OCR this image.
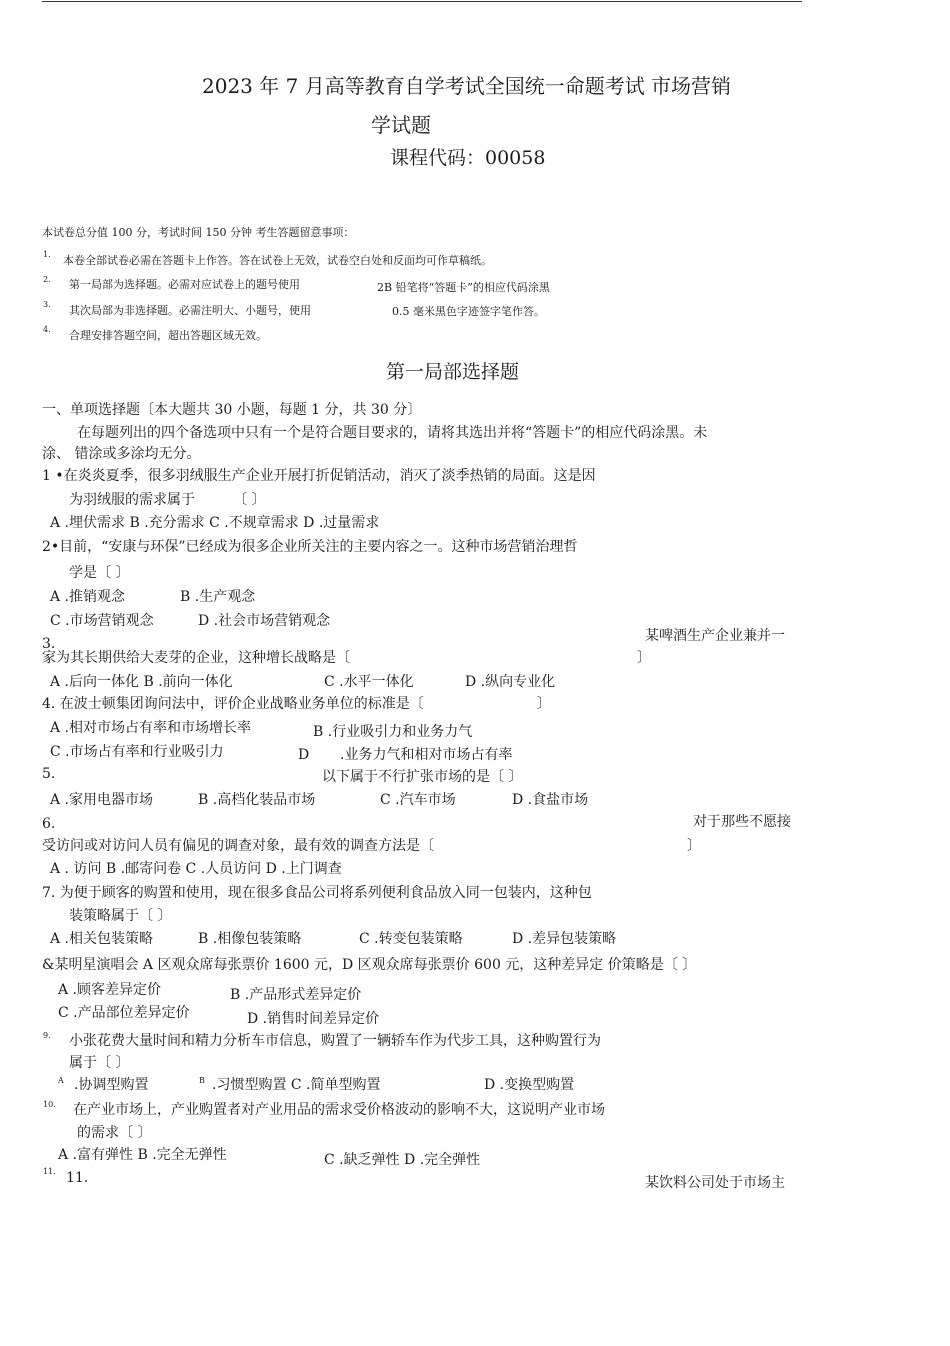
2023 年 7 月高等教育自学考试全国统一命题考试 市场营销
学试题
课程代码：00058
本试卷总分值 100 分，考试时间 150 分钟 考生答题留意事项：
1. 本卷全部试卷必需在答题卡上作答。答在试卷上无效，试卷空白处和反面均可作草稿纸。
2. 第一局部为选择题。必需对应试卷上的题号使用	2B 铅笔将“答题卡”的相应代码涂黑
3. 其次局部为非选择题。必需注明大、小题号，使用	0.5 毫米黑色字迹签字笔作答。
4. 合理安排答题空间，超出答题区域无效。
第一局部选择题
一、单项选择题〔本大题共 30 小题，每题 1 分，共 30 分〕
在每题列出的四个备选项中只有一个是符合题目要求的，请将其选出并将“答题卡”的相应代码涂黑。未
涂、 错涂或多涂均无分。
1 •在炎炎夏季，很多羽绒服生产企业开展打折促销活动，消灭了淡季热销的局面。这是因
为羽绒服的需求属于	〔 〕
A .埋伏需求 B .充分需求 C .不规章需求 D .过量需求
2•目前，“安康与环保”已经成为很多企业所关注的主要内容之一。这种市场营销治理哲
学是〔 〕
A .推销观念	B .生产观念
C .市场营销观念	D .社会市场营销观念
3.	某啤酒生产企业兼并一
家为其长期供给大麦芽的企业，这种增长战略是〔	〕
A .后向一体化 B .前向一体化	C .水平一体化	D .纵向专业化
4. 在波士顿集团询问法中，评价企业战略业务单位的标准是〔	〕
A .相对市场占有率和市场增长率	B .行业吸引力和业务力气
C .市场占有率和行业吸引力	D .业务力气和相对市场占有率
5.	以下属于不行扩张市场的是〔 〕
A .家用电器市场	B .高档化装品市场	C .汽车市场	D .食盐市场
6.	对于那些不愿接
受访问或对访问人员有偏见的调查对象，最有效的调查方法是〔	〕
A . 访问 B .邮寄问卷 C .人员访问 D .上门调查
7. 为便于顾客的购置和使用，现在很多食品公司将系列便利食品放入同一包装内，这种包
装策略属于〔 〕
A .相关包装策略	B .相像包装策略	C .转变包装策略	D .差异包装策略
&某明星演唱会 A 区观众席每张票价 1600 元，D 区观众席每张票价 600 元，这种差异定 价策略是〔 〕
A .顾客差异定价	B .产品形式差异定价
C .产品部位差异定价	D .销售时间差异定价
9. 小张花费大量时间和精力分析车市信息，购置了一辆轿车作为代步工具，这种购置行为
属于〔 〕
A .协调型购置	B .习惯型购置 C .简单型购置	D .变换型购置
10. 在产业市场上，产业购置者对产业用品的需求受价格波动的影响不大，这说明产业市场
的需求〔 〕
A .富有弹性 B .完全无弹性	C .缺乏弹性 D .完全弹性
11. 11.	某饮料公司处于市场主
